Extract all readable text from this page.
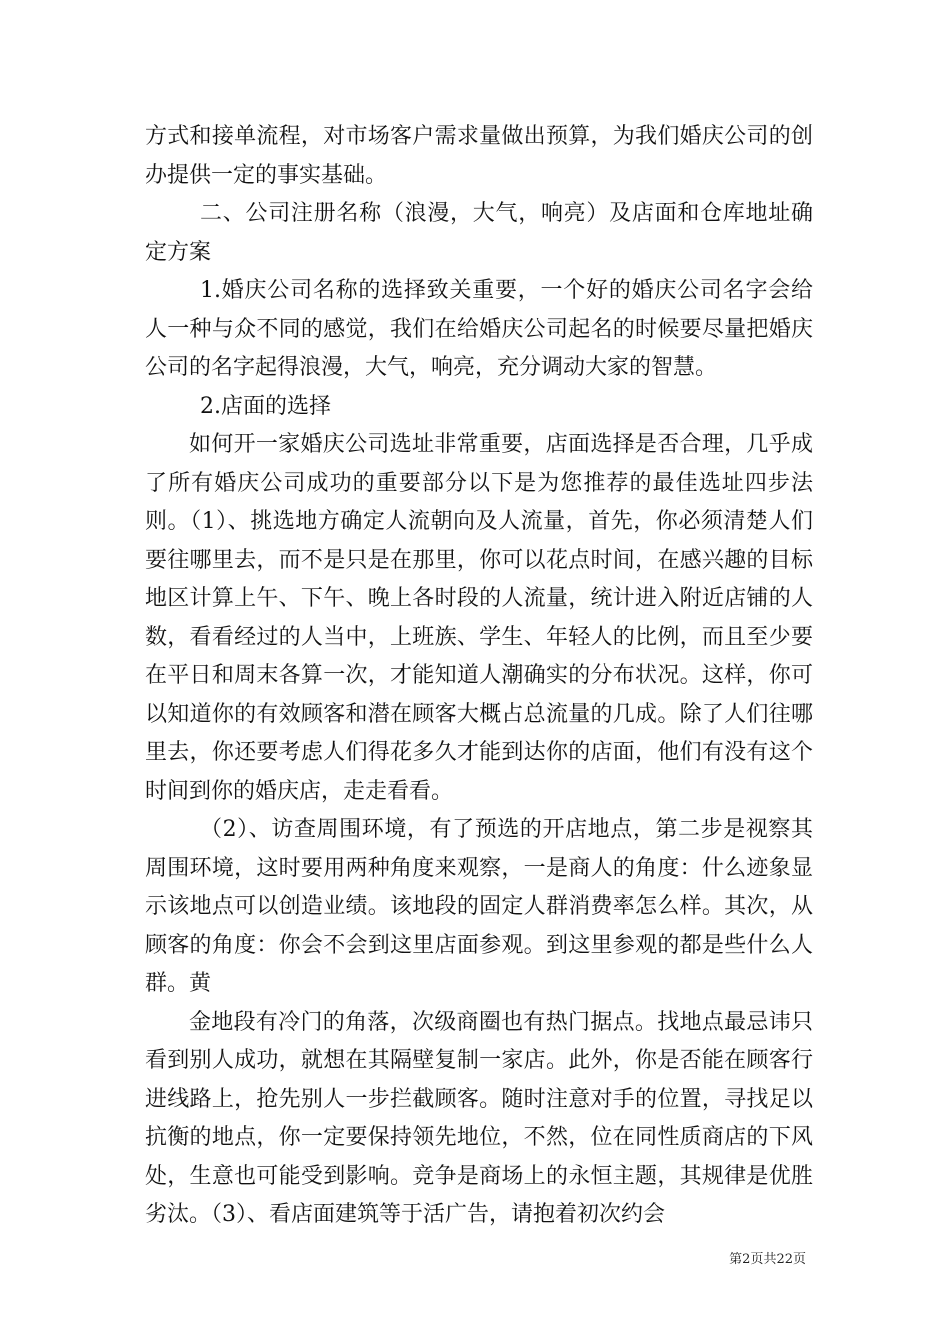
方式和接单流程，对市场客户需求量做出预算，为我们婚庆公司的创办提供一定的事实基础。

二、公司注册名称（浪漫，大气，响亮）及店面和仓库地址确定方案

1.婚庆公司名称的选择致关重要，一个好的婚庆公司名字会给人一种与众不同的感觉，我们在给婚庆公司起名的时候要尽量把婚庆公司的名字起得浪漫，大气，响亮，充分调动大家的智慧。

2.店面的选择

如何开一家婚庆公司选址非常重要，店面选择是否合理，几乎成了所有婚庆公司成功的重要部分以下是为您推荐的最佳选址四步法则。（1）、挑选地方确定人流朝向及人流量，首先，你必须清楚人们要往哪里去，而不是只是在那里，你可以花点时间，在感兴趣的目标地区计算上午、下午、晚上各时段的人流量，统计进入附近店铺的人数，看看经过的人当中，上班族、学生、年轻人的比例，而且至少要在平日和周末各算一次，才能知道人潮确实的分布状况。这样，你可以知道你的有效顾客和潜在顾客大概占总流量的几成。除了人们往哪里去，你还要考虑人们得花多久才能到达你的店面，他们有没有这个时间到你的婚庆店，走走看看。

（2）、访查周围环境，有了预选的开店地点，第二步是视察其周围环境，这时要用两种角度来观察，一是商人的角度：什么迹象显示该地点可以创造业绩。该地段的固定人群消费率怎么样。其次，从顾客的角度：你会不会到这里店面参观。到这里参观的都是些什么人群。黄

金地段有冷门的角落，次级商圈也有热门据点。找地点最忌讳只看到别人成功，就想在其隔壁复制一家店。此外，你是否能在顾客行进线路上，抢先别人一步拦截顾客。随时注意对手的位置，寻找足以抗衡的地点，你一定要保持领先地位，不然，位在同性质商店的下风处，生意也可能受到影响。竞争是商场上的永恒主题，其规律是优胜劣汰。（3）、看店面建筑等于活广告，请抱着初次约会

第2页共22页
